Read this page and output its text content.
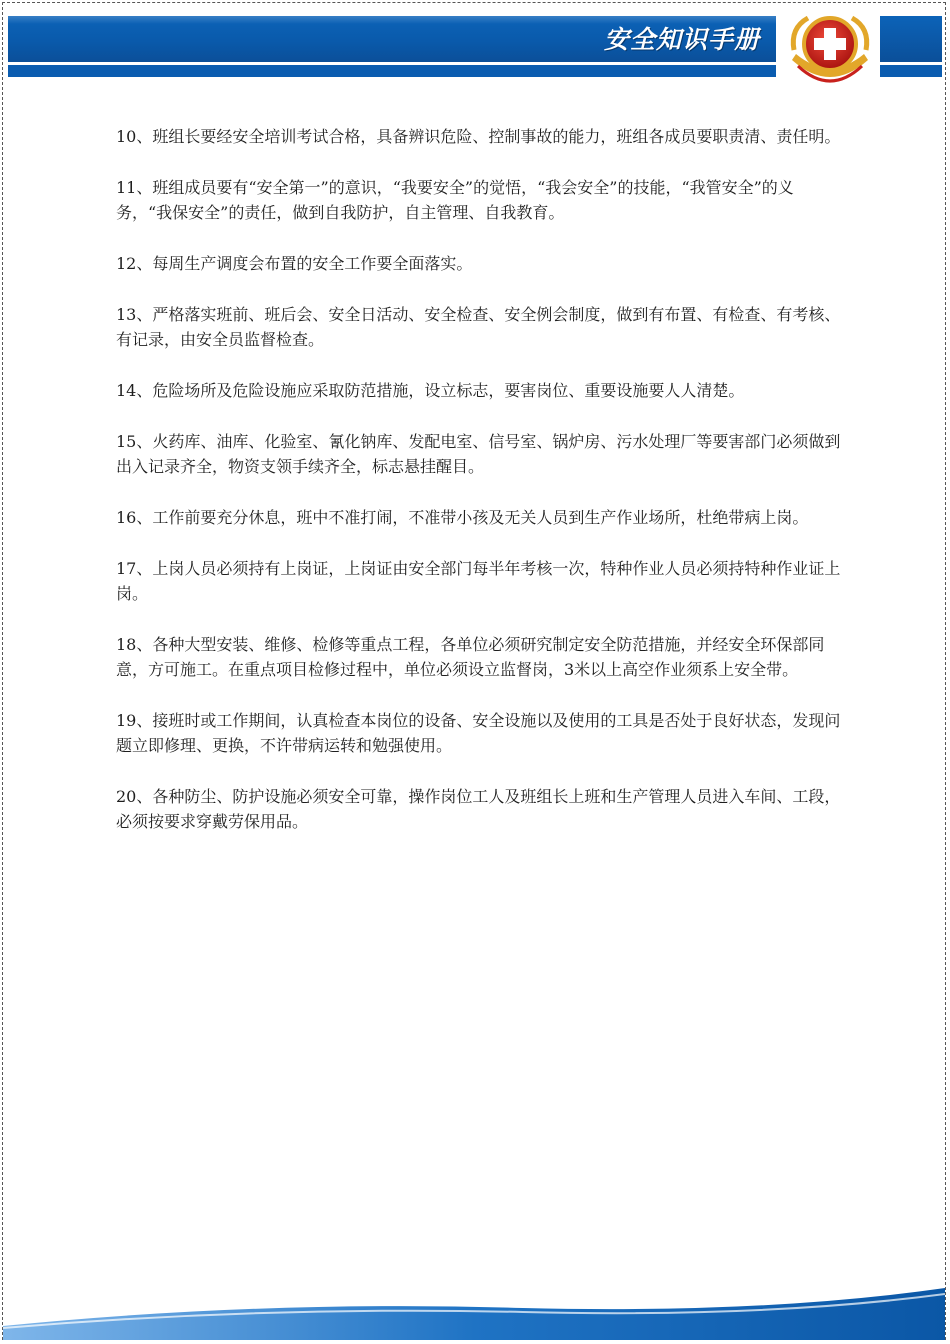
安全知识手册

10、班组长要经安全培训考试合格，具备辨识危险、控制事故的能力，班组各成员要职责清、责任明。

11、班组成员要有“安全第一”的意识，“我要安全”的觉悟，“我会安全”的技能，“我管安全”的义务，“我保安全”的责任，做到自我防护，自主管理、自我教育。

12、每周生产调度会布置的安全工作要全面落实。

13、严格落实班前、班后会、安全日活动、安全检查、安全例会制度，做到有布置、有检查、有考核、有记录，由安全员监督检查。

14、危险场所及危险设施应采取防范措施，设立标志，要害岗位、重要设施要人人清楚。

15、火药库、油库、化验室、氰化钠库、发配电室、信号室、锅炉房、污水处理厂等要害部门必须做到出入记录齐全，物资支领手续齐全，标志悬挂醒目。

16、工作前要充分休息，班中不准打闹，不准带小孩及无关人员到生产作业场所，杜绝带病上岗。

17、上岗人员必须持有上岗证，上岗证由安全部门每半年考核一次，特种作业人员必须持特种作业证上岗。

18、各种大型安装、维修、检修等重点工程，各单位必须研究制定安全防范措施，并经安全环保部同意，方可施工。在重点项目检修过程中，单位必须设立监督岗，3米以上高空作业须系上安全带。

19、接班时或工作期间，认真检查本岗位的设备、安全设施以及使用的工具是否处于良好状态，发现问题立即修理、更换，不许带病运转和勉强使用。

20、各种防尘、防护设施必须安全可靠，操作岗位工人及班组长上班和生产管理人员进入车间、工段，必须按要求穿戴劳保用品。
